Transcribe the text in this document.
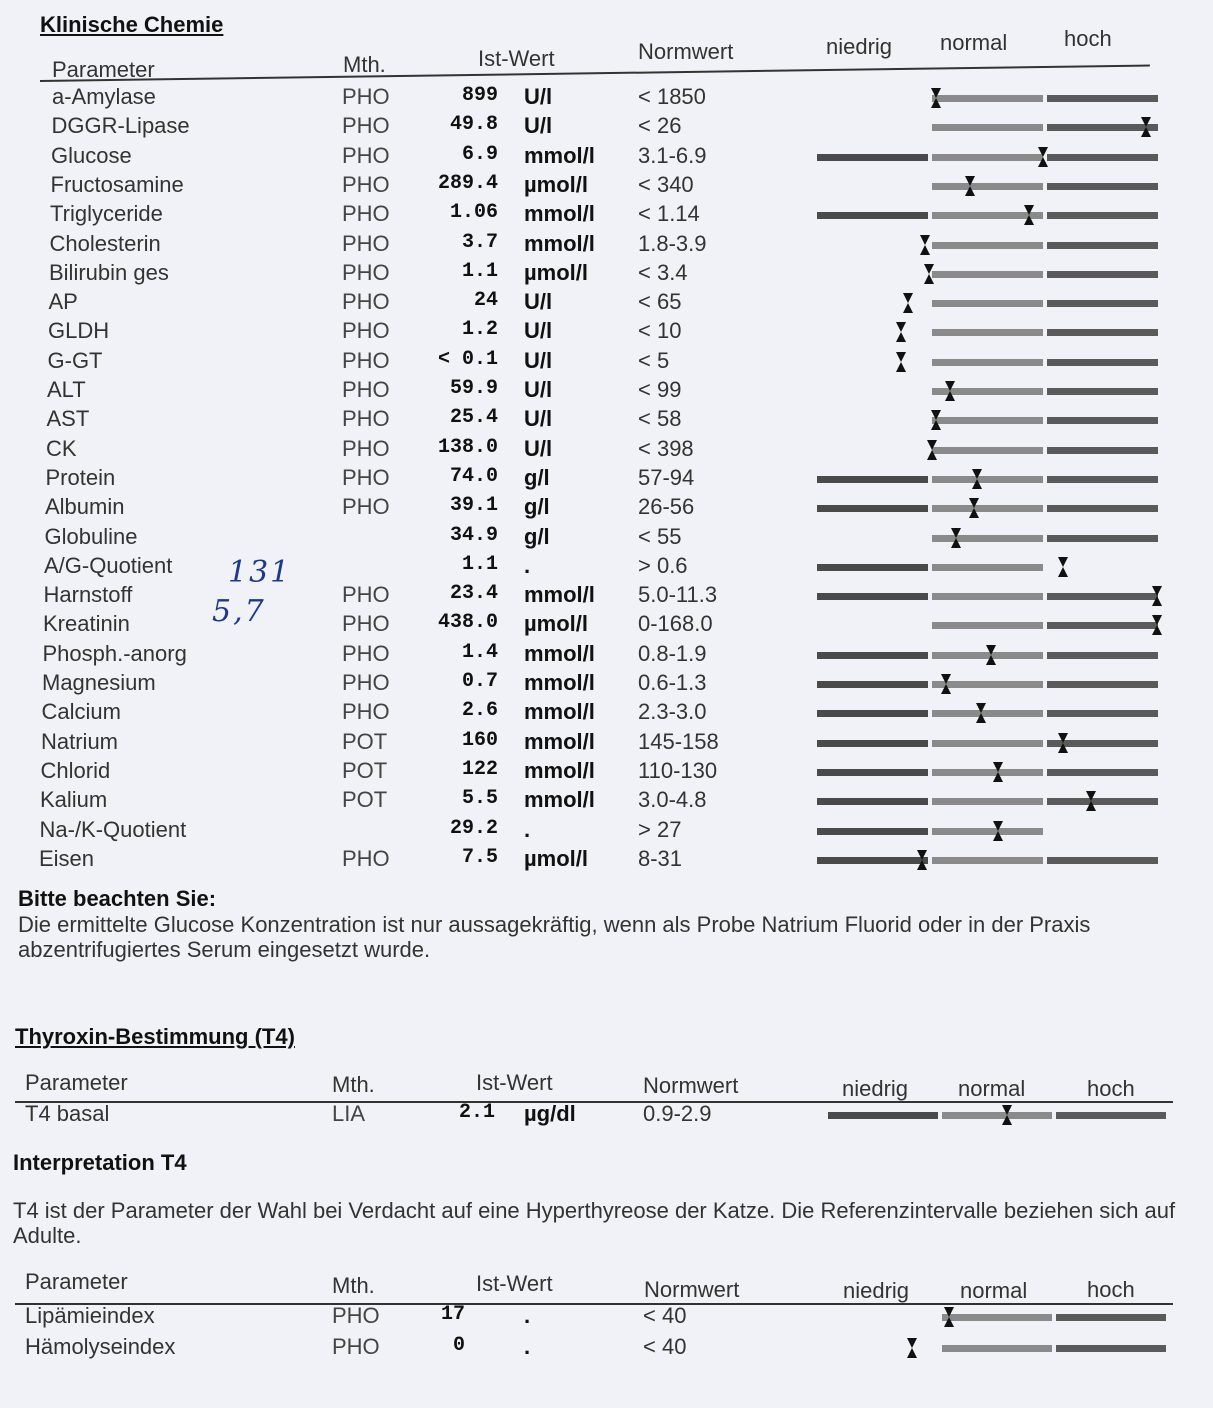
Klinische Chemie
Parameter	Mth.	Ist-Wert	Normwert	niedrig normal	hoch
a-Amylase	PHO	899 U/l	< 1850
DGGR-Lipase	PHO	49.8 U/l	< 26
Glucose	PHO	6.9 mmol/l 3.1-6.9
Fructosamine	PHO	289.4 µmol/l < 340
Triglyceride	PHO	1.06 mmol/l < 1.14
Cholesterin	PHO	3.7 mmol/l 1.8-3.9
Bilirubin ges	PHO	1.1 µmol/l < 3.4
AP	PHO	24 U/l	< 65
GLDH	PHO	1.2 U/l	< 10
G-GT	PHO	< 0.1 U/l	< 5
ALT	PHO	59.9 U/l	< 99
AST	PHO	25.4 U/l	< 58
CK	PHO	138.0 U/l	< 398
Protein	PHO	74.0 g/l	57-94
Albumin	PHO	39.1 g/l	26-56
Globuline	34.9 g/l	< 55
A/G-Quotient	1.1 .	> 0.6
Harnstoff	PHO	23.4 mmol/l 5.0-11.3
Kreatinin	PHO	438.0 µmol/l 0-168.0
Phosph.-anorg	PHO	1.4 mmol/l 0.8-1.9
Magnesium	PHO	0.7 mmol/l 0.6-1.3
Calcium	PHO	2.6 mmol/l 2.3-3.0
Natrium	POT	160 mmol/l 145-158
Chlorid	POT	122 mmol/l 110-130
Kalium	POT	5.5 mmol/l 3.0-4.8
Na-/K-Quotient	29.2 .	> 27
Eisen	PHO	7.5 µmol/l 8-31
131
5,7
Bitte beachten Sie:
Die ermittelte Glucose Konzentration ist nur aussagekräftig, wenn als Probe Natrium Fluorid oder in der Praxis abzentrifugiertes Serum eingesetzt wurde.
Thyroxin-Bestimmung (T4)
Parameter	Mth.	Ist-Wert	Normwert	niedrig normal	hoch
T4 basal	LIA	2.1 µg/dl	0.9-2.9
Interpretation T4
T4 ist der Parameter der Wahl bei Verdacht auf eine Hyperthyreose der Katze. Die Referenzintervalle beziehen sich auf Adulte.
Parameter	Mth.	Ist-Wert	Normwert	niedrig normal	hoch
Lipämieindex	PHO	17	.	< 40
Hämolyseindex	PHO	0	.	< 40
